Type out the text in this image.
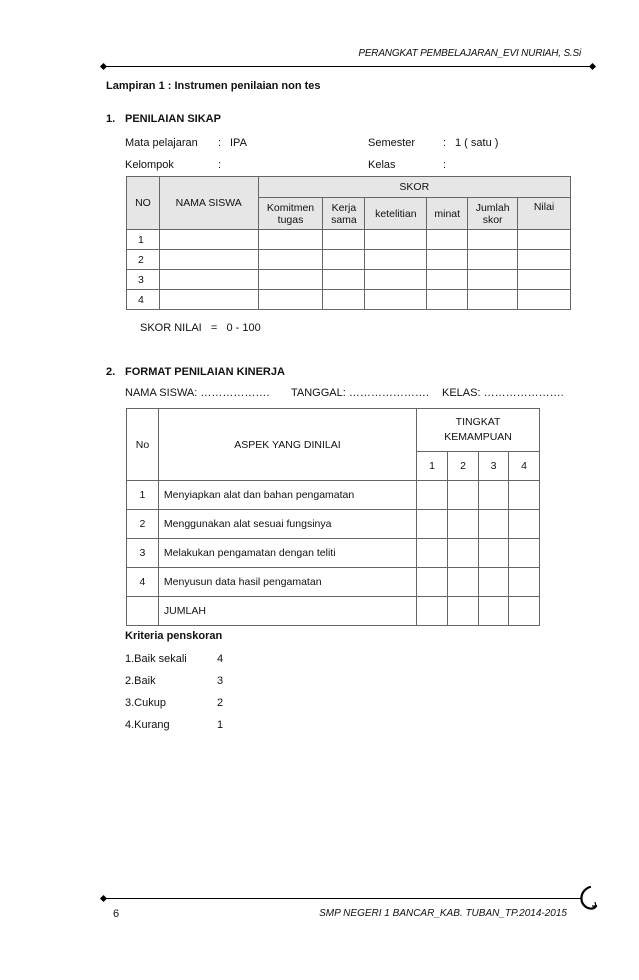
PERANGKAT PEMBELAJARAN_EVI NURIAH, S.Si
Lampiran 1 : Instrumen penilaian non tes
1. PENILAIAN SIKAP
Mata pelajaran : IPA	Semester	: 1 ( satu )
Kelompok	:	Kelas	:
NO	NAMA SISWA	SKOR					
		Komitmen tugas	Kerja sama	ketelitian	minat	Jumlah skor	Nilai
1							
2							
3							
4							
SKOR NILAI   =   0 - 100
2. FORMAT PENILAIAN KINERJA
NAMA SISWA: ………………. TANGGAL: …………………. KELAS: ………………….
No	ASPEK YANG DINILAI	TINGKAT KEMAMPUAN			
		1	2	3	4
1	Menyiapkan alat dan bahan pengamatan				
2	Menggunakan alat sesuai fungsinya				
3	Melakukan pengamatan dengan teliti				
4	Menyusun data hasil pengamatan				
	JUMLAH				
Kriteria penskoran
1.Baik sekali	4
2.Baik	3
3.Cukup	2
4.Kurang	1
6	SMP NEGERI 1 BANCAR_KAB. TUBAN_TP.2014-2015
